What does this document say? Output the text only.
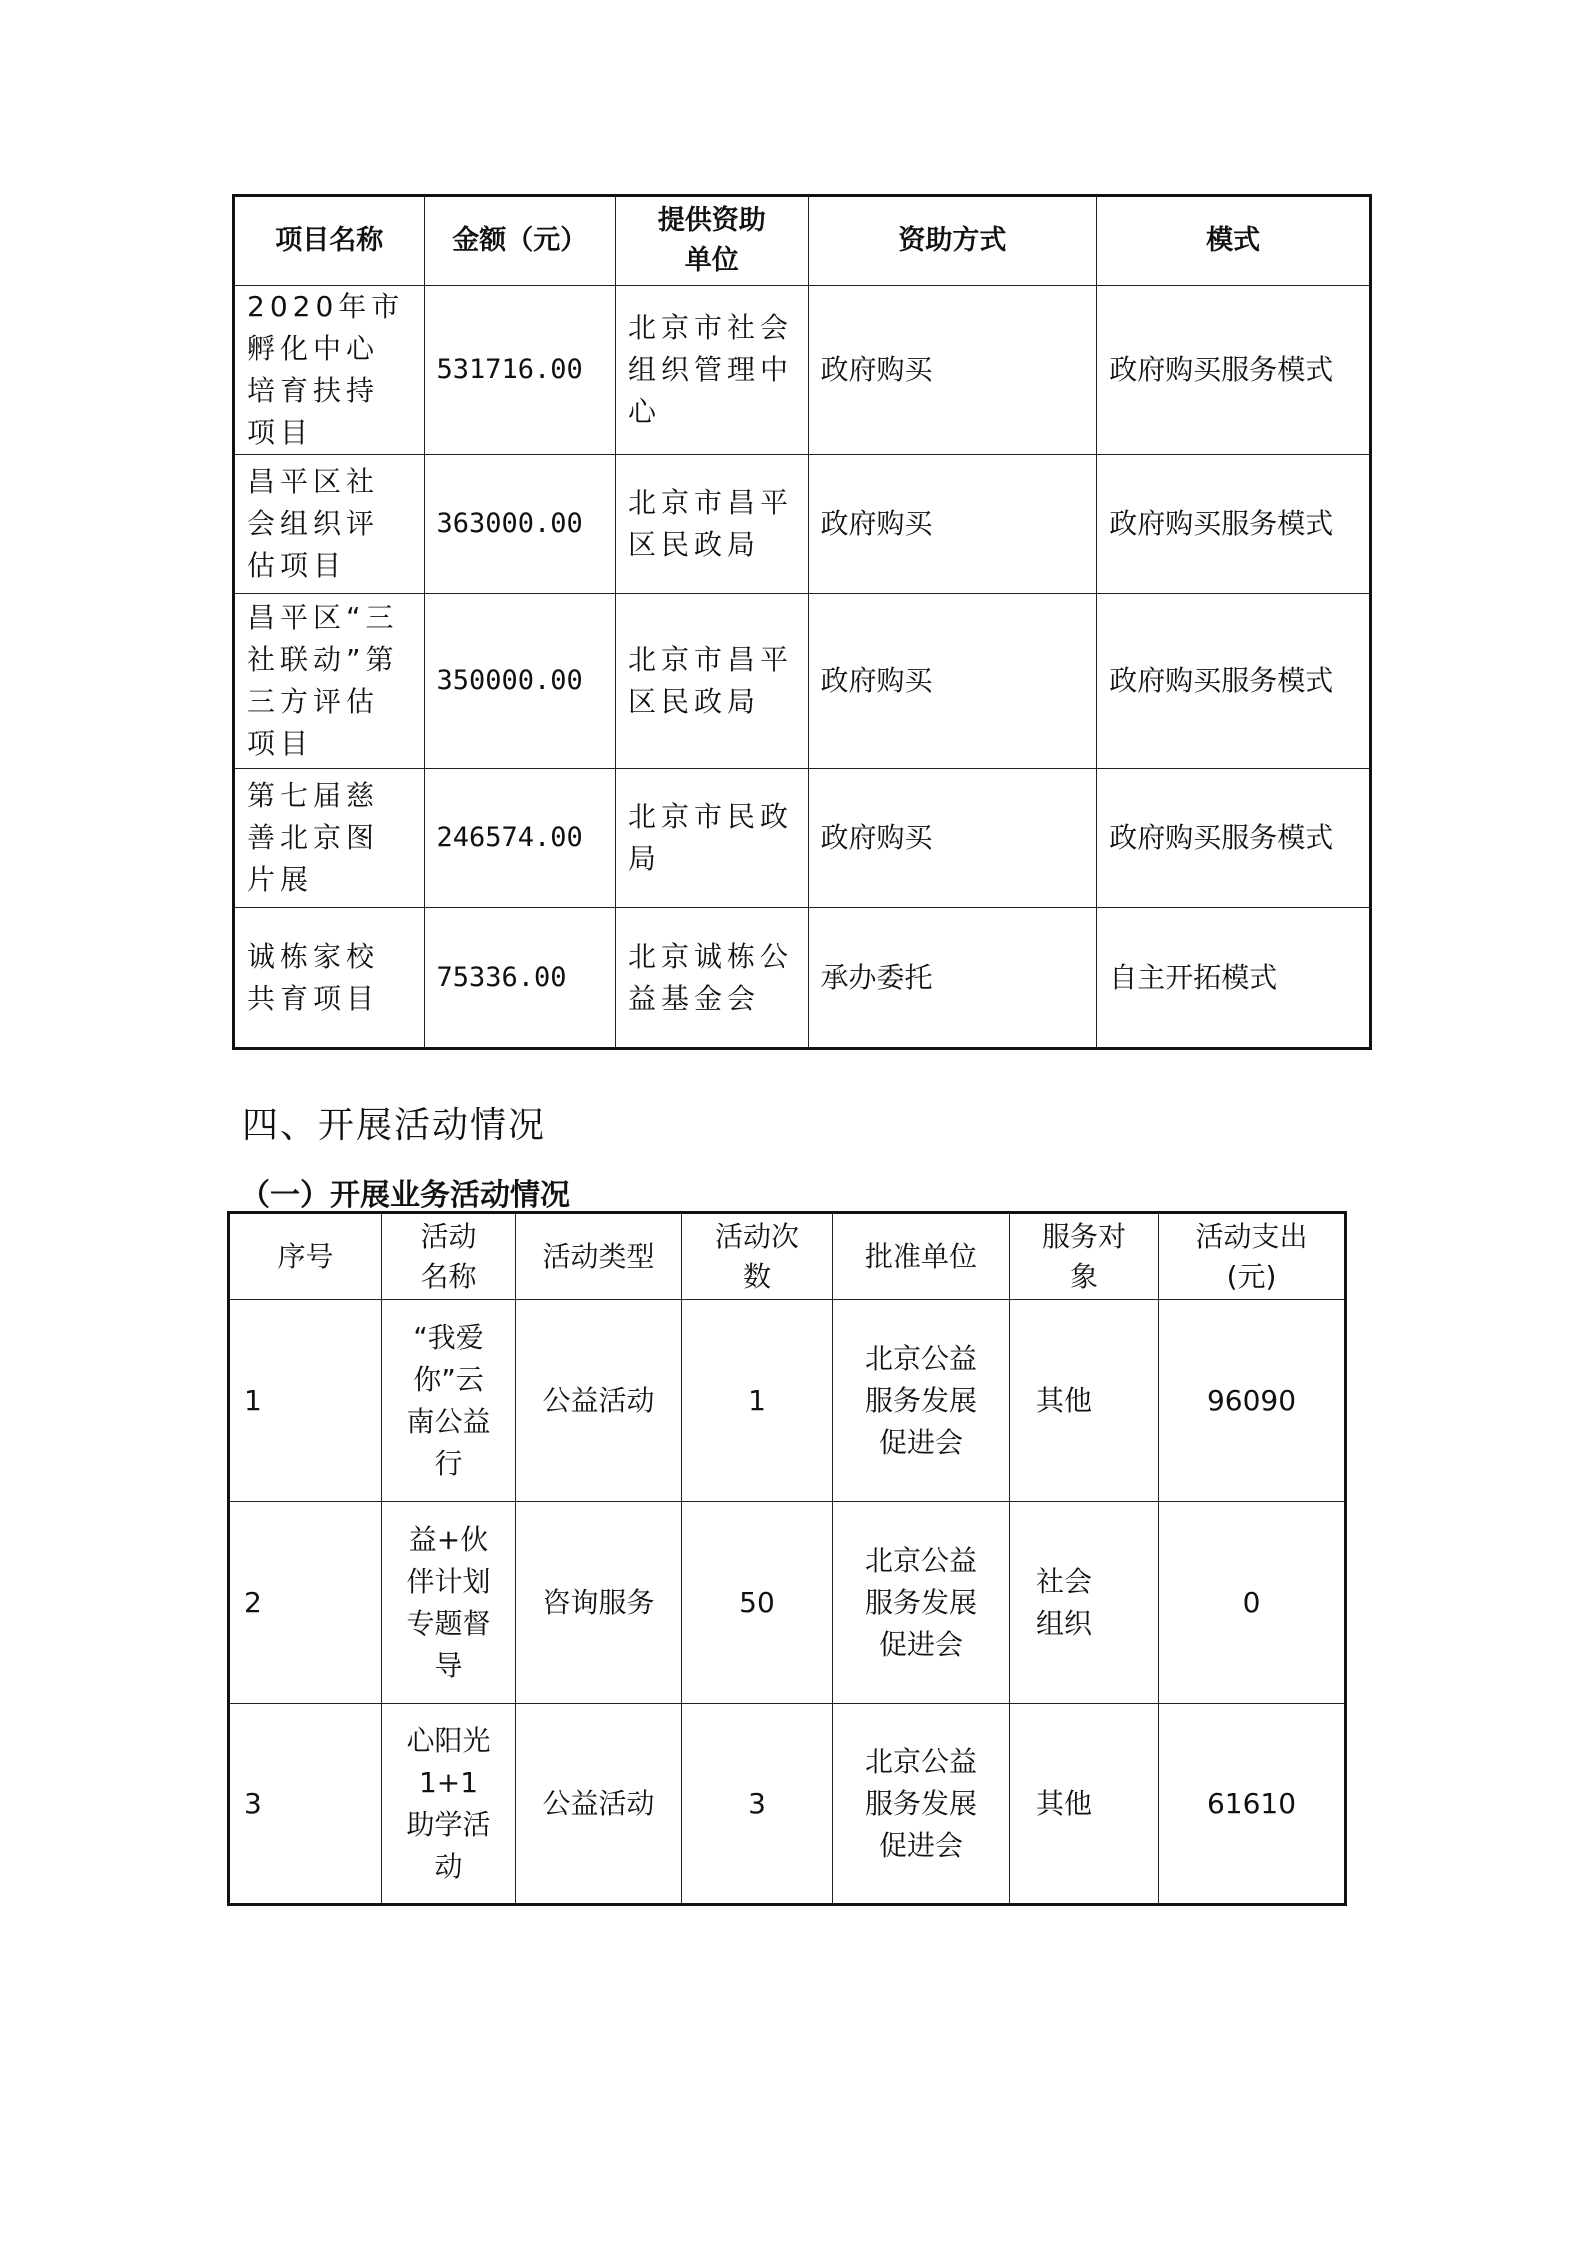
项目名称	金额（元）	提供资助单位	资助方式	模式
2020年市孵化中心培育扶持项目	531716.00	北京市社会组织管理中心	政府购买	政府购买服务模式
昌平区社会组织评估项目	363000.00	北京市昌平区民政局	政府购买	政府购买服务模式
昌平区“三社联动”第三方评估项目	350000.00	北京市昌平区民政局	政府购买	政府购买服务模式
第七届慈善北京图片展	246574.00	北京市民政局	政府购买	政府购买服务模式
诚栋家校共育项目	75336.00	北京诚栋公益基金会	承办委托	自主开拓模式
四、开展活动情况
（一）开展业务活动情况
序号	活动名称	活动类型	活动次数	批准单位	服务对象	活动支出(元)
1	“我爱你”云南公益行	公益活动	1	北京公益服务发展促进会	其他	96090
2	益+伙伴计划专题督导	咨询服务	50	北京公益服务发展促进会	社会组织	0
3	心阳光1+1助学活动	公益活动	3	北京公益服务发展促进会	其他	61610
